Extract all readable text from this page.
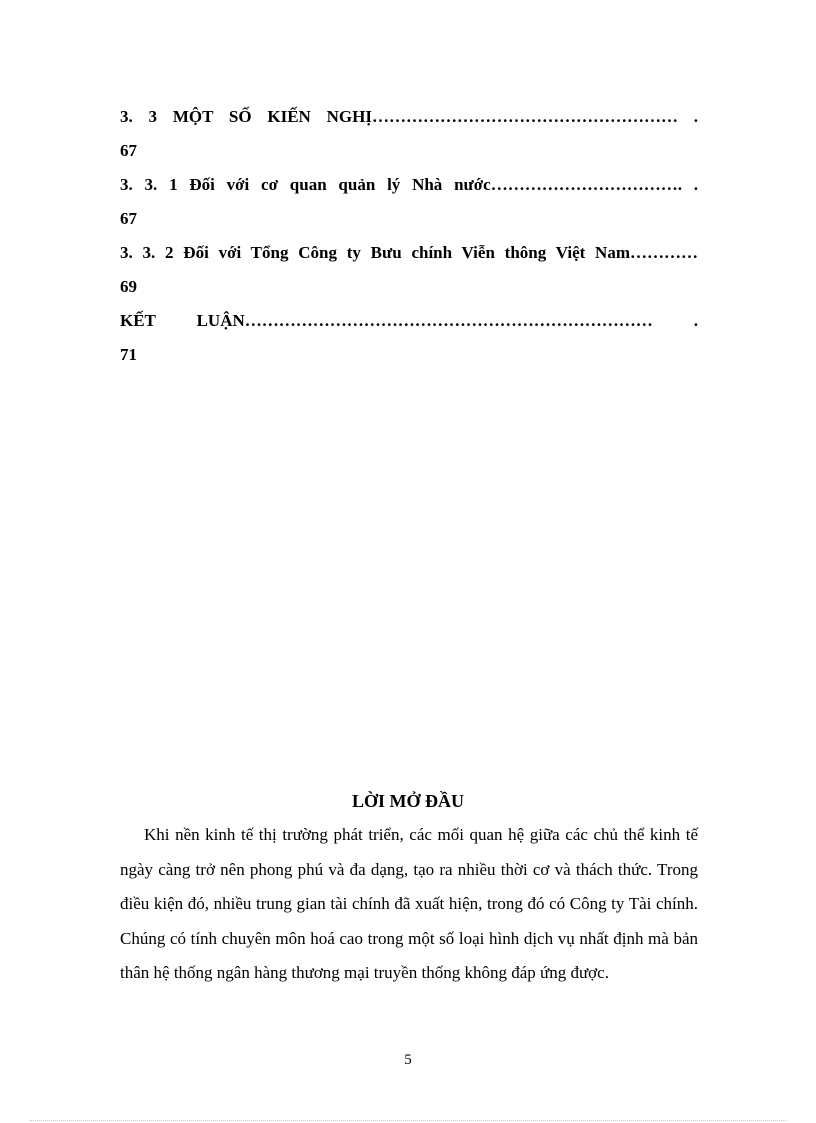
3. 3 MỘT SỐ KIẾN NGHỊ……………………………………………… .
67
3. 3. 1 Đối với cơ quan quản lý Nhà nước……………………………. .
67
3. 3. 2 Đối với Tổng Công ty Bưu chính Viễn thông Việt Nam…………
69
KẾT LUẬN……………………………………………………………… .
71
LỜI MỞ ĐẦU

Khi nền kinh tế thị trường phát triển, các mối quan hệ giữa các chủ thể kinh tế ngày càng trở nên phong phú và đa dạng, tạo ra nhiều thời cơ và thách thức. Trong điều kiện đó, nhiều trung gian tài chính đã xuất hiện, trong đó có Công ty Tài chính. Chúng có tính chuyên môn hoá cao trong một số loại hình dịch vụ nhất định mà bản thân hệ thống ngân hàng thương mại truyền thống không đáp ứng được.

5
